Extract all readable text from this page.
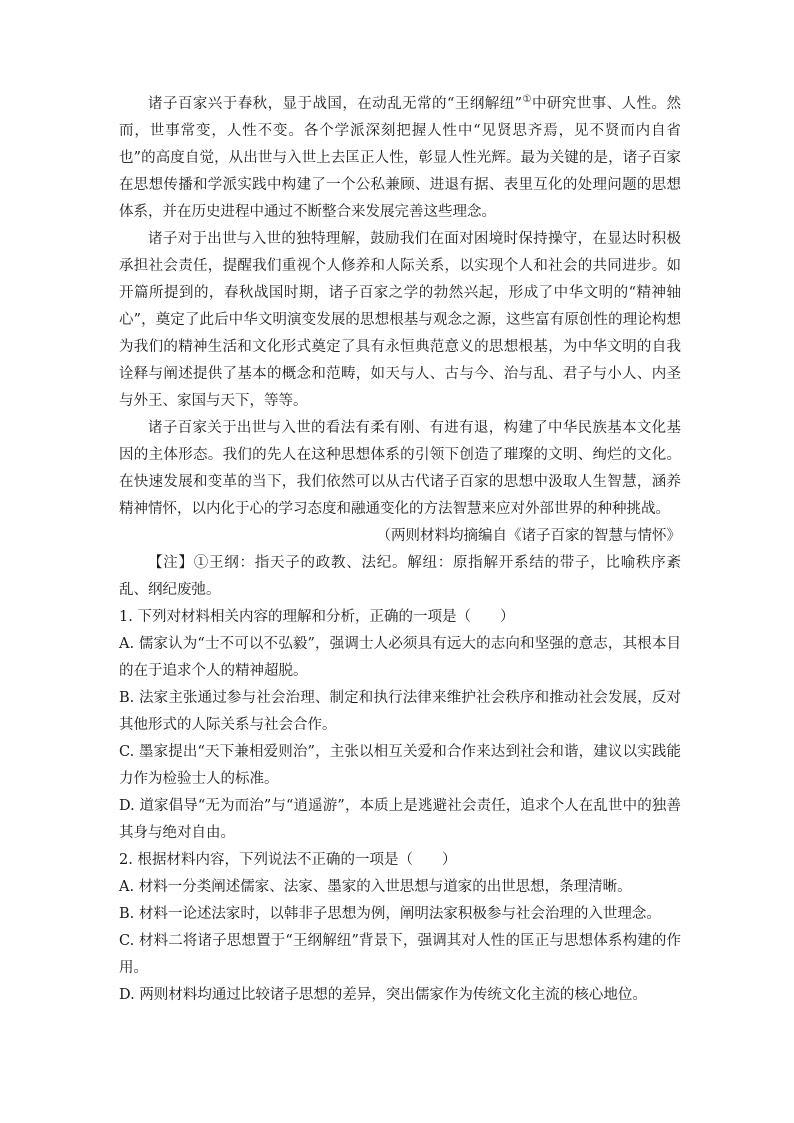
诸子百家兴于春秋，显于战国，在动乱无常的“王纲解纽”①中研究世事、人性。然而，世事常变，人性不变。各个学派深刻把握人性中“见贤思齐焉，见不贤而内自省也”的高度自觉，从出世与入世上去匡正人性，彰显人性光辉。最为关键的是，诸子百家在思想传播和学派实践中构建了一个公私兼顾、进退有据、表里互化的处理问题的思想体系，并在历史进程中通过不断整合来发展完善这些理念。

诸子对于出世与入世的独特理解，鼓励我们在面对困境时保持操守，在显达时积极承担社会责任，提醒我们重视个人修养和人际关系，以实现个人和社会的共同进步。如开篇所提到的，春秋战国时期，诸子百家之学的勃然兴起，形成了中华文明的“精神轴心”，奠定了此后中华文明演变发展的思想根基与观念之源，这些富有原创性的理论构想为我们的精神生活和文化形式奠定了具有永恒典范意义的思想根基，为中华文明的自我诠释与阐述提供了基本的概念和范畴，如天与人、古与今、治与乱、君子与小人、内圣与外王、家国与天下，等等。

诸子百家关于出世与入世的看法有柔有刚、有进有退，构建了中华民族基本文化基因的主体形态。我们的先人在这种思想体系的引领下创造了璀璨的文明、绚烂的文化。在快速发展和变革的当下，我们依然可以从古代诸子百家的思想中汲取人生智慧，涵养精神情怀，以内化于心的学习态度和融通变化的方法智慧来应对外部世界的种种挑战。

（两则材料均摘编自《诸子百家的智慧与情怀》

【注】①王纲：指天子的政教、法纪。解纽：原指解开系结的带子，比喻秩序紊乱、纲纪废弛。

1. 下列对材料相关内容的理解和分析，正确的一项是（　　）

A. 儒家认为“士不可以不弘毅”，强调士人必须具有远大的志向和坚强的意志，其根本目的在于追求个人的精神超脱。

B. 法家主张通过参与社会治理、制定和执行法律来维护社会秩序和推动社会发展，反对其他形式的人际关系与社会合作。

C. 墨家提出“天下兼相爱则治”，主张以相互关爱和合作来达到社会和谐，建议以实践能力作为检验士人的标准。

D. 道家倡导“无为而治”与“逍遥游”，本质上是逃避社会责任，追求个人在乱世中的独善其身与绝对自由。

2. 根据材料内容，下列说法不正确的一项是（　　）

A. 材料一分类阐述儒家、法家、墨家的入世思想与道家的出世思想，条理清晰。

B. 材料一论述法家时，以韩非子思想为例，阐明法家积极参与社会治理的入世理念。

C. 材料二将诸子思想置于“王纲解纽”背景下，强调其对人性的匡正与思想体系构建的作用。

D. 两则材料均通过比较诸子思想的差异，突出儒家作为传统文化主流的核心地位。
